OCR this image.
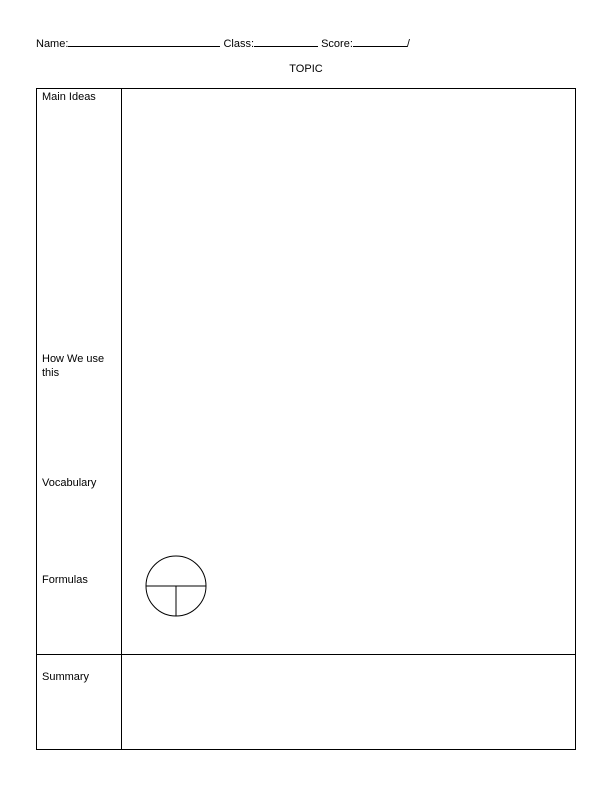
Name:	Class:	Score:	/
TOPIC
Main Ideas
How We use this
Vocabulary
Formulas
Summary
